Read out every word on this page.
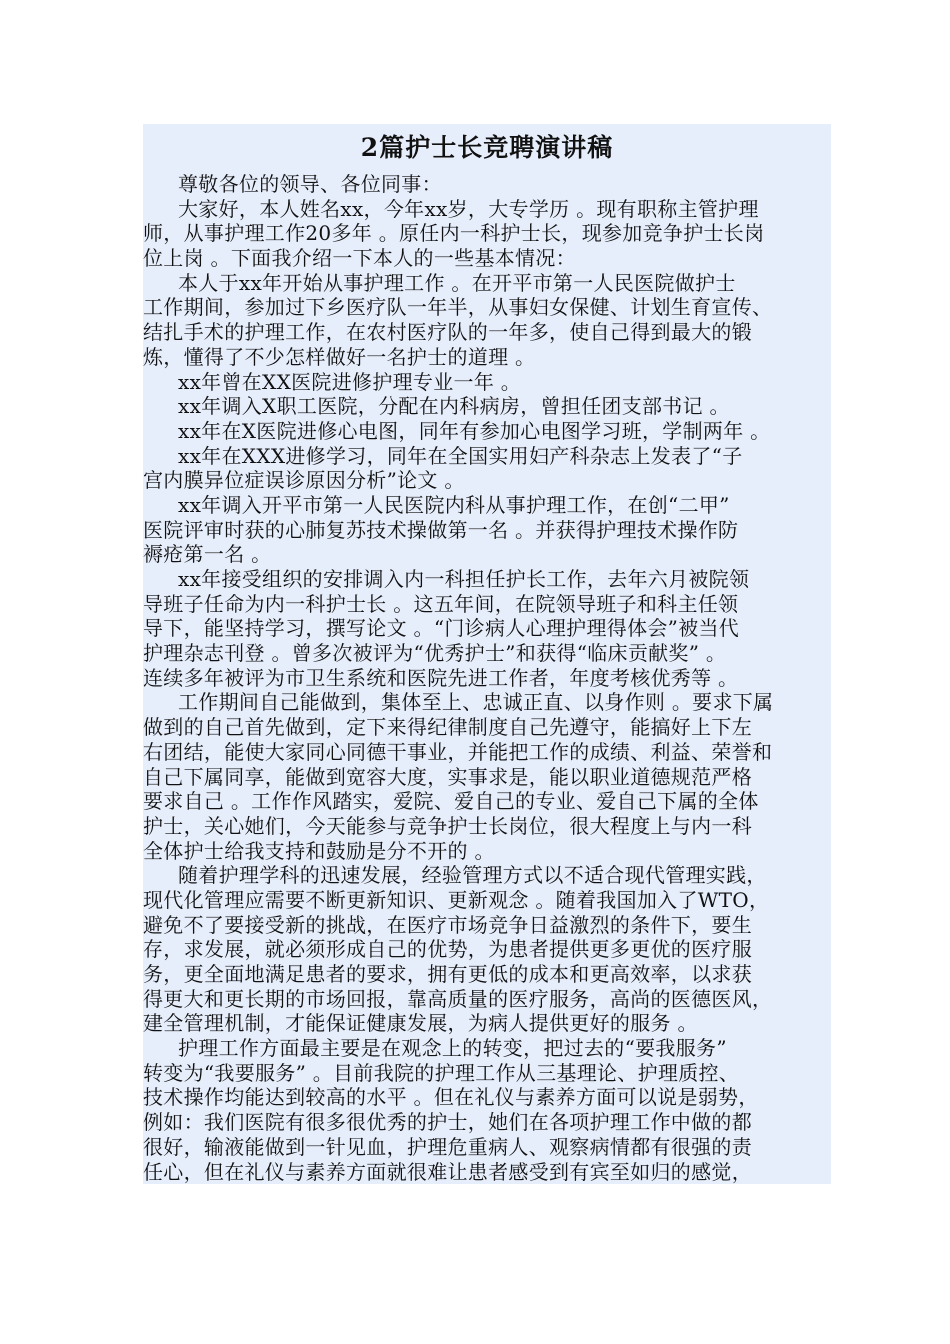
2篇护士长竞聘演讲稿
尊敬各位的领导、各位同事：
大家好，本人姓名xx，今年xx岁，大专学历 。现有职称主管护理
师，从事护理工作20多年 。原任内一科护士长，现参加竞争护士长岗
位上岗 。下面我介绍一下本人的一些基本情况：
本人于xx年开始从事护理工作 。在开平市第一人民医院做护士
工作期间，参加过下乡医疗队一年半，从事妇女保健、计划生育宣传、
结扎手术的护理工作，在农村医疗队的一年多，使自己得到最大的锻
炼，懂得了不少怎样做好一名护士的道理 。
xx年曾在XX医院进修护理专业一年 。
xx年调入X职工医院，分配在内科病房，曾担任团支部书记 。
xx年在X医院进修心电图，同年有参加心电图学习班，学制两年 。
xx年在XXX进修学习，同年在全国实用妇产科杂志上发表了“子
宫内膜异位症误诊原因分析”论文 。
xx年调入开平市第一人民医院内科从事护理工作，在创“二甲”
医院评审时获的心肺复苏技术操做第一名 。并获得护理技术操作防
褥疮第一名 。
xx年接受组织的安排调入内一科担任护长工作，去年六月被院领
导班子任命为内一科护士长 。这五年间，在院领导班子和科主任领
导下，能坚持学习，撰写论文 。“门诊病人心理护理得体会”被当代
护理杂志刊登 。曾多次被评为“优秀护士”和获得“临床贡献奖” 。
连续多年被评为市卫生系统和医院先进工作者，年度考核优秀等 。
工作期间自己能做到，集体至上、忠诚正直、以身作则 。要求下属
做到的自己首先做到，定下来得纪律制度自己先遵守，能搞好上下左
右团结，能使大家同心同德干事业，并能把工作的成绩、利益、荣誉和
自己下属同享，能做到宽容大度，实事求是，能以职业道德规范严格
要求自己 。工作作风踏实，爱院、爱自己的专业、爱自己下属的全体
护士，关心她们，今天能参与竞争护士长岗位，很大程度上与内一科
全体护士给我支持和鼓励是分不开的 。
随着护理学科的迅速发展，经验管理方式以不适合现代管理实践，
现代化管理应需要不断更新知识、更新观念 。随着我国加入了WTO，
避免不了要接受新的挑战，在医疗市场竞争日益激烈的条件下，要生
存，求发展，就必须形成自己的优势，为患者提供更多更优的医疗服
务，更全面地满足患者的要求，拥有更低的成本和更高效率，以求获
得更大和更长期的市场回报，靠高质量的医疗服务，高尚的医德医风，
建全管理机制，才能保证健康发展，为病人提供更好的服务 。
护理工作方面最主要是在观念上的转变，把过去的“要我服务”
转变为“我要服务” 。目前我院的护理工作从三基理论、护理质控、
技术操作均能达到较高的水平 。但在礼仪与素养方面可以说是弱势，
例如：我们医院有很多很优秀的护士，她们在各项护理工作中做的都
很好，输液能做到一针见血，护理危重病人、观察病情都有很强的责
任心，但在礼仪与素养方面就很难让患者感受到有宾至如归的感觉，
